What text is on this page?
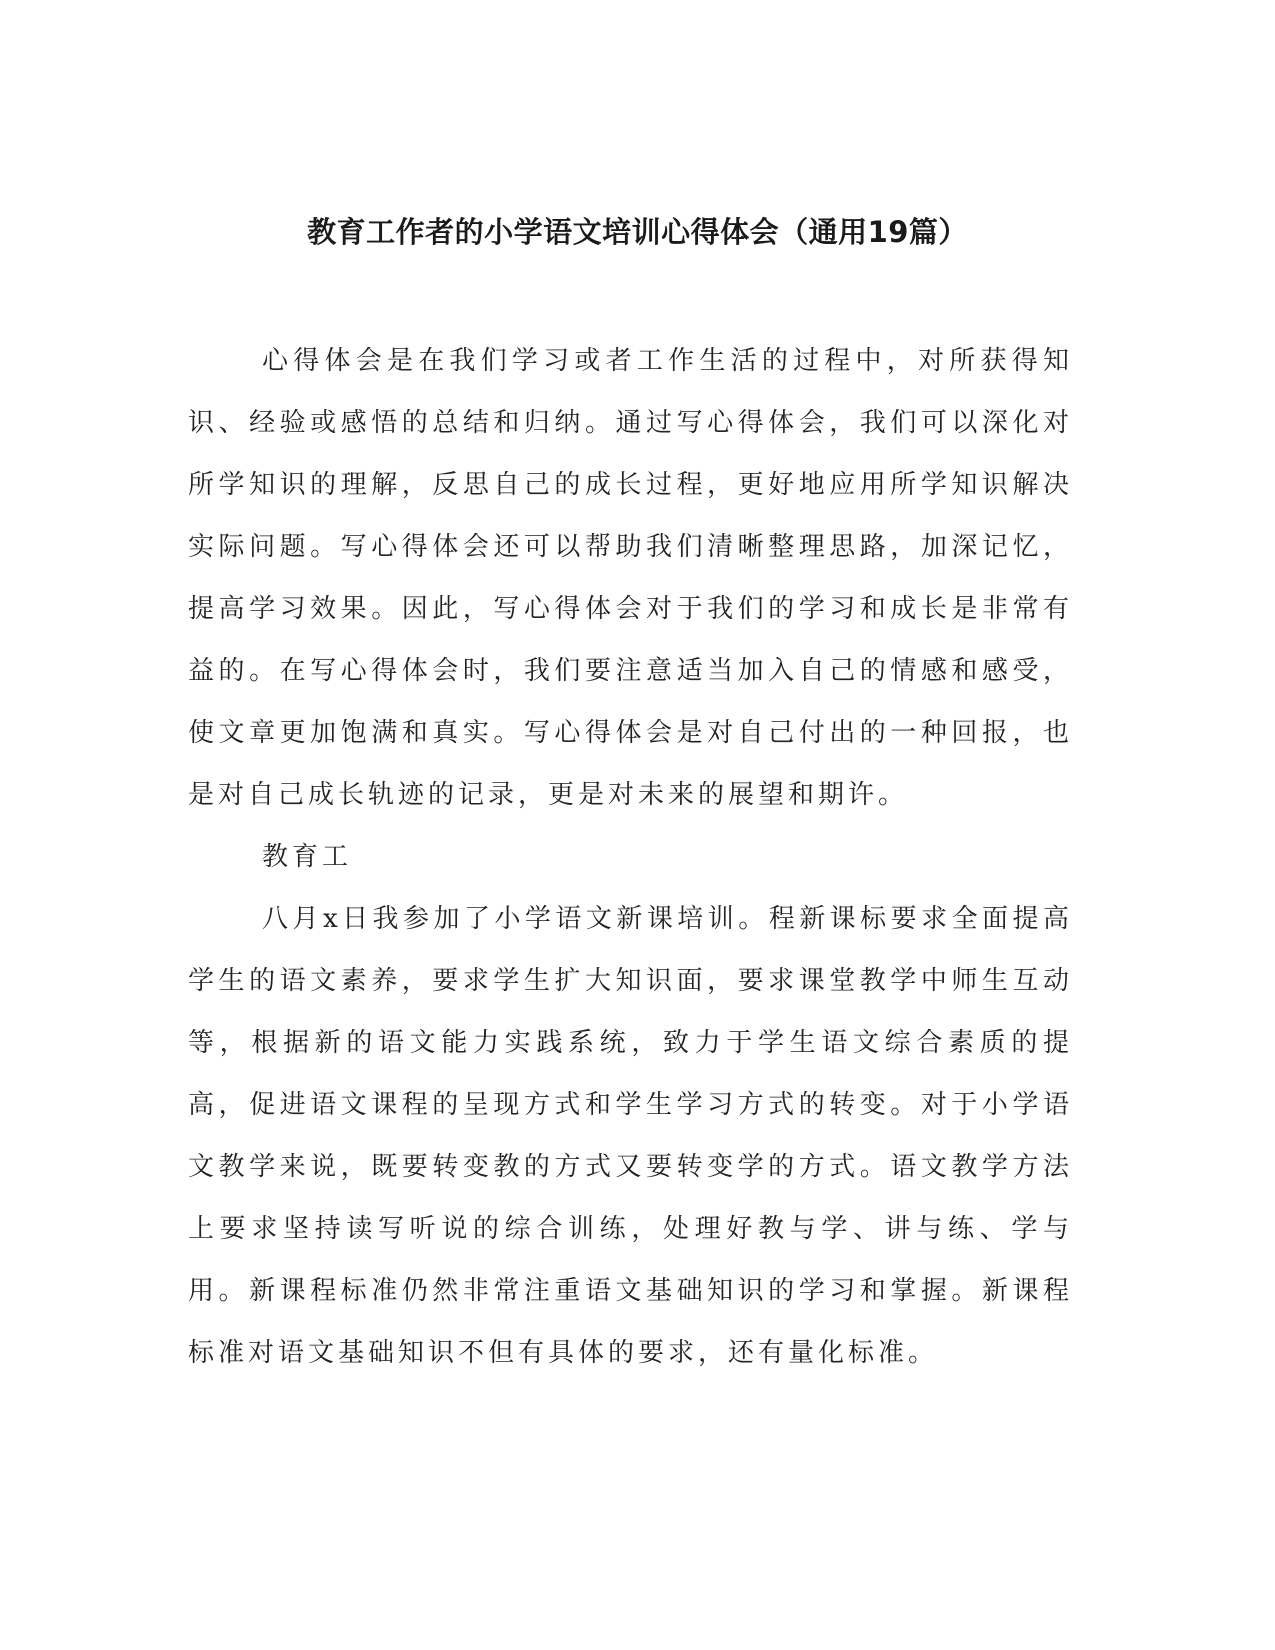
教育工作者的小学语文培训心得体会（通用19篇）

心得体会是在我们学习或者工作生活的过程中，对所获得知识、经验或感悟的总结和归纳。通过写心得体会，我们可以深化对所学知识的理解，反思自己的成长过程，更好地应用所学知识解决实际问题。写心得体会还可以帮助我们清晰整理思路，加深记忆，提高学习效果。因此，写心得体会对于我们的学习和成长是非常有益的。在写心得体会时，我们要注意适当加入自己的情感和感受，使文章更加饱满和真实。写心得体会是对自己付出的一种回报，也是对自己成长轨迹的记录，更是对未来的展望和期许。

教育工

八月x日我参加了小学语文新课培训。程新课标要求全面提高学生的语文素养，要求学生扩大知识面，要求课堂教学中师生互动等，根据新的语文能力实践系统，致力于学生语文综合素质的提高，促进语文课程的呈现方式和学生学习方式的转变。对于小学语文教学来说，既要转变教的方式又要转变学的方式。语文教学方法上要求坚持读写听说的综合训练，处理好教与学、讲与练、学与用。新课程标准仍然非常注重语文基础知识的学习和掌握。新课程标准对语文基础知识不但有具体的要求，还有量化标准。
